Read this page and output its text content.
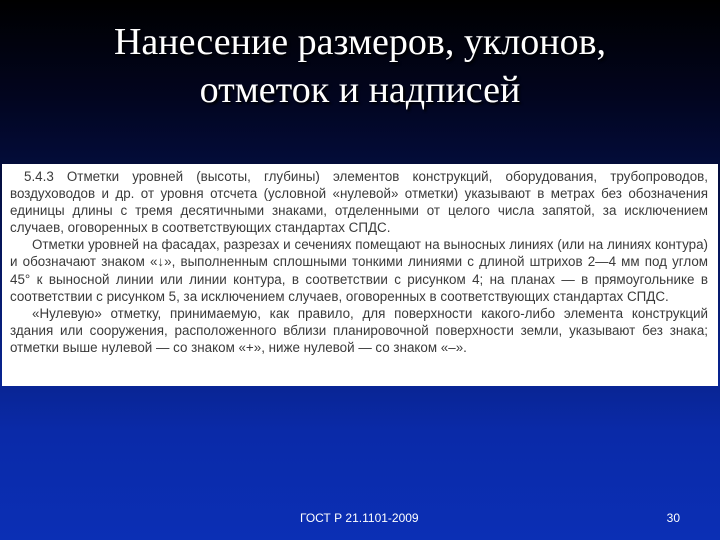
Нанесение размеров, уклонов,
отметок и надписей

5.4.3 Отметки уровней (высоты, глубины) элементов конструкций, оборудования, трубопроводов, воздуховодов и др. от уровня отсчета (условной «нулевой» отметки) указывают в метрах без обозначения единицы длины с тремя десятичными знаками, отделенными от целого числа запятой, за исключением случаев, оговоренных в соответствующих стандартах СПДС.

Отметки уровней на фасадах, разрезах и сечениях помещают на выносных линиях (или на линиях контура) и обозначают знаком «↓», выполненным сплошными тонкими линиями с длиной штрихов 2—4 мм под углом 45° к выносной линии или линии контура, в соответствии с рисунком 4; на планах — в прямоугольнике в соответствии с рисунком 5, за исключением случаев, оговоренных в соответствующих стандартах СПДС.

«Нулевую» отметку, принимаемую, как правило, для поверхности какого-либо элемента конструкций здания или сооружения, расположенного вблизи планировочной поверхности земли, указывают без знака; отметки выше нулевой — со знаком «+», ниже нулевой — со знаком «–».

ГОСТ Р 21.1101-2009	30
